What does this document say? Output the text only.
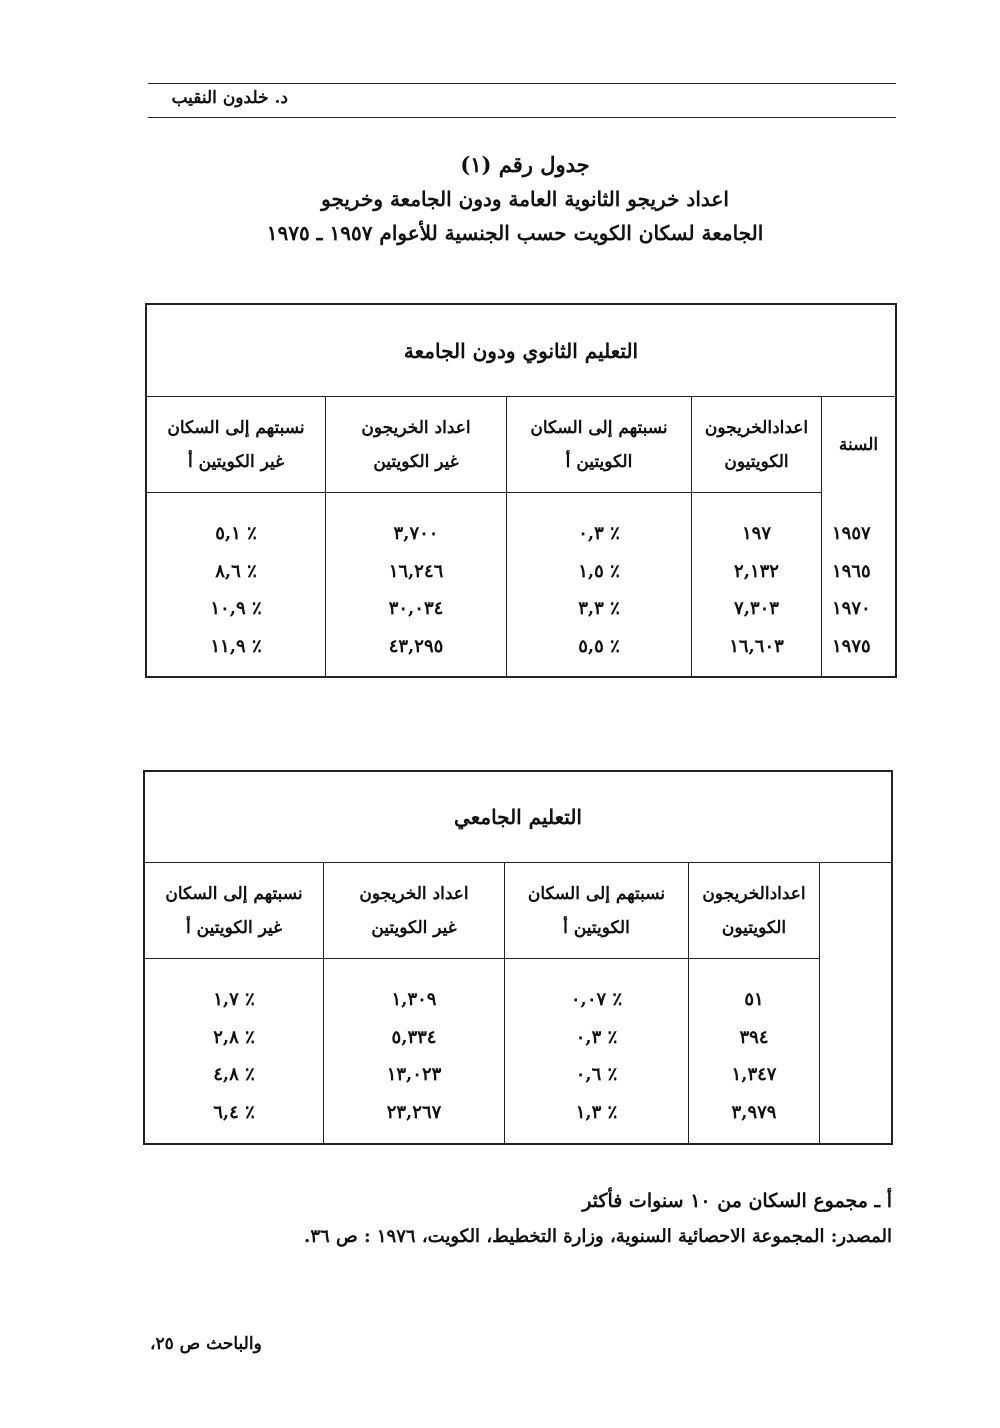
د. خلدون النقيب
جدول رقم (١)
اعداد خريجو الثانوية العامة ودون الجامعة وخريجو
الجامعة لسكان الكويت حسب الجنسية للأعوام ١٩٥٧ ـ ١٩٧٥
التعليم الثانوي ودون الجامعة
السنة
١٩٥٧
١٩٦٥
١٩٧٠
١٩٧٥
اعدادالخريجون
الكويتيون
١٩٧
٢,١٣٢
٧,٣٠٣
١٦,٦٠٣
نسبتهم إلى السكان
الكويتين أ
٪ ٠,٣
٪ ١,٥
٪ ٣,٣
٪ ٥,٥
اعداد الخريجون
غير الكويتين
٣,٧٠٠
١٦,٢٤٦
٣٠,٠٣٤
٤٣,٢٩٥
نسبتهم إلى السكان
غير الكويتين أ
٪ ٥,١
٪ ٨,٦
٪ ١٠,٩
٪ ١١,٩
التعليم الجامعي
اعدادالخريجون
الكويتيون
٥١
٣٩٤
١,٣٤٧
٣,٩٧٩
نسبتهم إلى السكان
الكويتين أ
٪ ٠,٠٧
٪ ٠,٣
٪ ٠,٦
٪ ١,٣
اعداد الخريجون
غير الكويتين
١,٣٠٩
٥,٣٣٤
١٣,٠٢٣
٢٣,٢٦٧
نسبتهم إلى السكان
غير الكويتين أ
٪ ١,٧
٪ ٢,٨
٪ ٤,٨
٪ ٦,٤
أ ـ مجموع السكان من ١٠ سنوات فأكثر
المصدر: المجموعة الاحصائية السنوية، وزارة التخطيط، الكويت، ١٩٧٦ : ص ٣٦.
والباحث ص ٢٥،
